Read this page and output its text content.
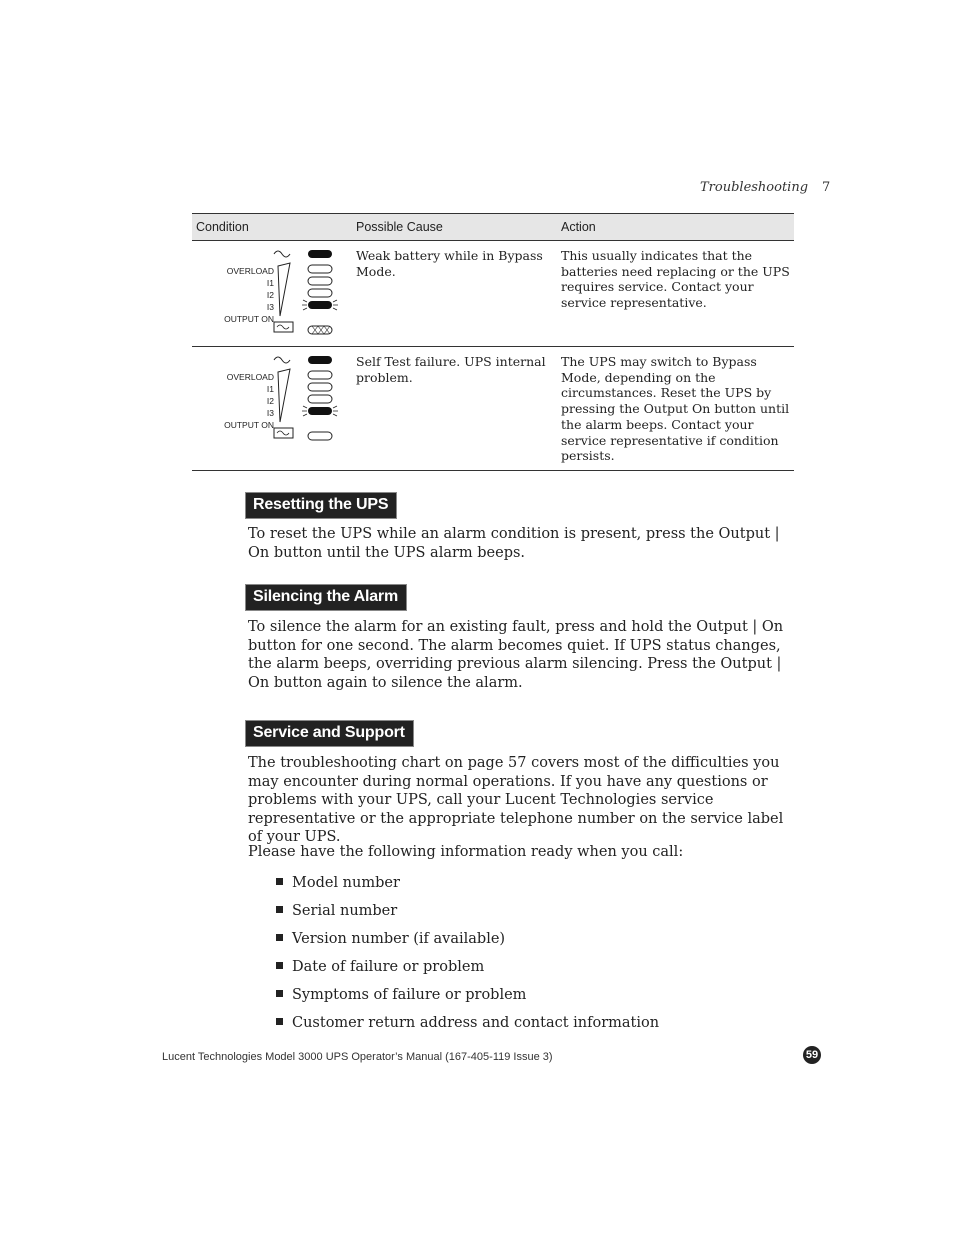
Troubleshooting 7
Condition	Possible Cause	Action

OVERLOAD
I1
I2
I3
OUTPUT ON	Weak battery while in Bypass Mode.	This usually indicates that the batteries need replacing or the UPS requires service. Contact your service representative.

OVERLOAD
I1
I2
I3
OUTPUT ON	Self Test failure. UPS internal problem.	The UPS may switch to Bypass Mode, depending on the circumstances. Reset the UPS by pressing the Output On button until the alarm beeps. Contact your service representative if condition persists.
Resetting the UPS
To reset the UPS while an alarm condition is present, press the Output | On button until the UPS alarm beeps.
Silencing the Alarm
To silence the alarm for an existing fault, press and hold the Output | On button for one second. The alarm becomes quiet. If UPS status changes, the alarm beeps, overriding previous alarm silencing. Press the Output | On button again to silence the alarm.
Service and Support
The troubleshooting chart on page 57 covers most of the difficulties you may encounter during normal operations. If you have any questions or problems with your UPS, call your Lucent Technologies service representative or the appropriate telephone number on the service label of your UPS.
Please have the following information ready when you call:
Model number
Serial number
Version number (if available)
Date of failure or problem
Symptoms of failure or problem
Customer return address and contact information
Lucent Technologies Model 3000 UPS Operator’s Manual (167-405-119 Issue 3)	59
